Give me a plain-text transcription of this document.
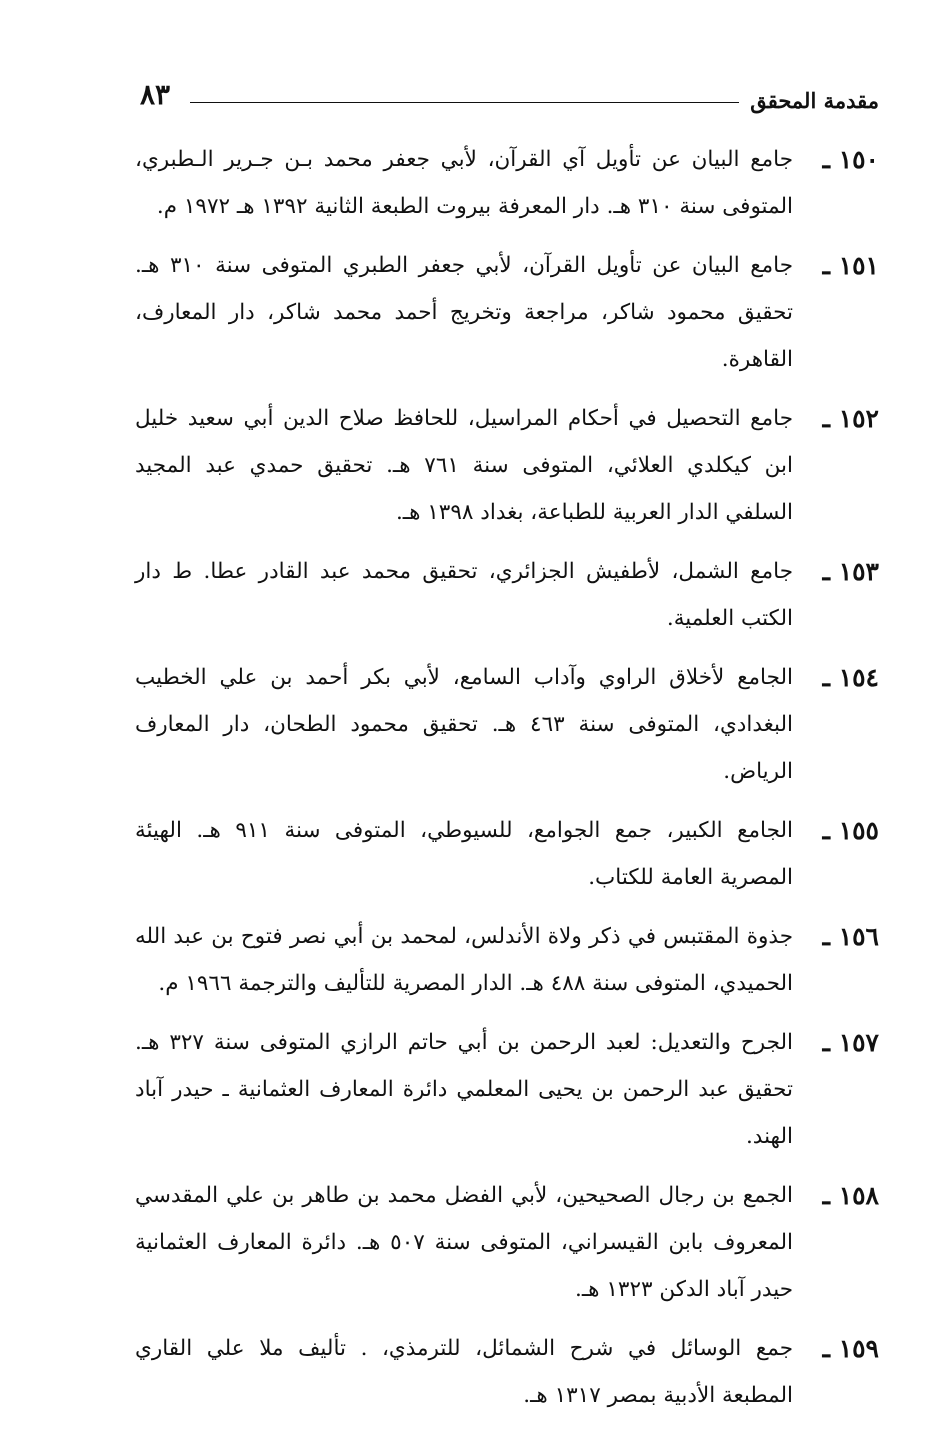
مقدمة المحقق
٨٣
١٥٠ ـ
جامع البيان عن تأويل آي القرآن، لأبي جعفر محمد بـن جـرير الـطبري، المتوفى سنة ٣١٠ هـ. دار المعرفة بيروت الطبعة الثانية ١٣٩٢ هـ ١٩٧٢ م.
١٥١ ـ
جامع البيان عن تأويل القرآن، لأبي جعفر الطبري المتوفى سنة ٣١٠ هـ. تحقيق محمود شاكر، مراجعة وتخريج أحمد محمد شاكر، دار المعارف، القاهرة.
١٥٢ ـ
جامع التحصيل في أحكام المراسيل، للحافظ صلاح الدين أبي سعيد خليل ابن كيكلدي العلائي، المتوفى سنة ٧٦١ هـ. تحقيق حمدي عبد المجيد السلفي الدار العربية للطباعة، بغداد ١٣٩٨ هـ.
١٥٣ ـ
جامع الشمل، لأطفيش الجزائري، تحقيق محمد عبد القادر عطا. ط دار الكتب العلمية.
١٥٤ ـ
الجامع لأخلاق الراوي وآداب السامع، لأبي بكر أحمد بن علي الخطيب البغدادي، المتوفى سنة ٤٦٣ هـ. تحقيق محمود الطحان، دار المعارف الرياض.
١٥٥ ـ
الجامع الكبير، جمع الجوامع، للسيوطي، المتوفى سنة ٩١١ هـ. الهيئة المصرية العامة للكتاب.
١٥٦ ـ
جذوة المقتبس في ذكر ولاة الأندلس، لمحمد بن أبي نصر فتوح بن عبد الله الحميدي، المتوفى سنة ٤٨٨ هـ. الدار المصرية للتأليف والترجمة ١٩٦٦ م.
١٥٧ ـ
الجرح والتعديل: لعبد الرحمن بن أبي حاتم الرازي المتوفى سنة ٣٢٧ هـ. تحقيق عبد الرحمن بن يحيى المعلمي دائرة المعارف العثمانية ـ حيدر آباد الهند.
١٥٨ ـ
الجمع بن رجال الصحيحين، لأبي الفضل محمد بن طاهر بن علي المقدسي المعروف بابن القيسراني، المتوفى سنة ٥٠٧ هـ. دائرة المعارف العثمانية حيدر آباد الدكن ١٣٢٣ هـ.
١٥٩ ـ
جمع الوسائل في شرح الشمائل، للترمذي، . تأليف ملا علي القاري المطبعة الأدبية بمصر ١٣١٧ هـ.
